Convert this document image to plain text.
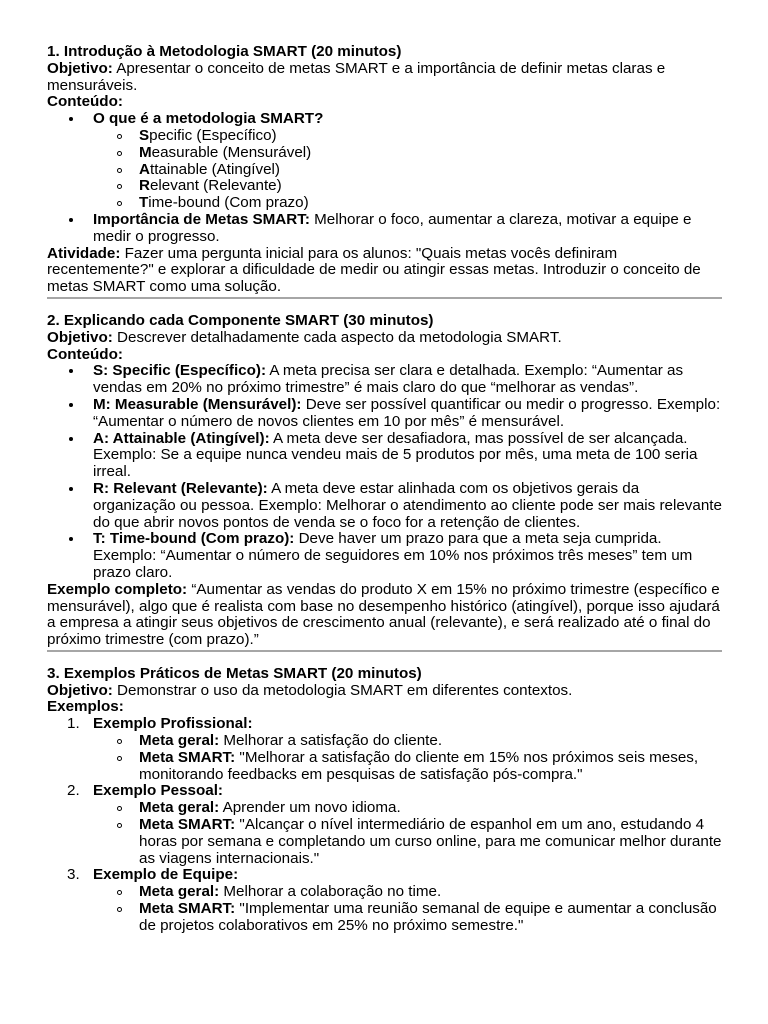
1. Introdução à Metodologia SMART (20 minutos)

Objetivo: Apresentar o conceito de metas SMART e a importância de definir metas claras e mensuráveis.

Conteúdo:

O que é a metodologia SMART?
Specific (Específico)
Measurable (Mensurável)
Attainable (Atingível)
Relevant (Relevante)
Time-bound (Com prazo)
Importância de Metas SMART: Melhorar o foco, aumentar a clareza, motivar a equipe e medir o progresso.

Atividade: Fazer uma pergunta inicial para os alunos: "Quais metas vocês definiram recentemente?" e explorar a dificuldade de medir ou atingir essas metas. Introduzir o conceito de metas SMART como uma solução.

2. Explicando cada Componente SMART (30 minutos)

Objetivo: Descrever detalhadamente cada aspecto da metodologia SMART.

Conteúdo:

S: Specific (Específico): A meta precisa ser clara e detalhada. Exemplo: “Aumentar as vendas em 20% no próximo trimestre” é mais claro do que “melhorar as vendas”.
M: Measurable (Mensurável): Deve ser possível quantificar ou medir o progresso. Exemplo: “Aumentar o número de novos clientes em 10 por mês” é mensurável.
A: Attainable (Atingível): A meta deve ser desafiadora, mas possível de ser alcançada. Exemplo: Se a equipe nunca vendeu mais de 5 produtos por mês, uma meta de 100 seria irreal.
R: Relevant (Relevante): A meta deve estar alinhada com os objetivos gerais da organização ou pessoa. Exemplo: Melhorar o atendimento ao cliente pode ser mais relevante do que abrir novos pontos de venda se o foco for a retenção de clientes.
T: Time-bound (Com prazo): Deve haver um prazo para que a meta seja cumprida. Exemplo: “Aumentar o número de seguidores em 10% nos próximos três meses” tem um prazo claro.

Exemplo completo: “Aumentar as vendas do produto X em 15% no próximo trimestre (específico e mensurável), algo que é realista com base no desempenho histórico (atingível), porque isso ajudará a empresa a atingir seus objetivos de crescimento anual (relevante), e será realizado até o final do próximo trimestre (com prazo).”

3. Exemplos Práticos de Metas SMART (20 minutos)

Objetivo: Demonstrar o uso da metodologia SMART em diferentes contextos.

Exemplos:

1. Exemplo Profissional:
Meta geral: Melhorar a satisfação do cliente.
Meta SMART: "Melhorar a satisfação do cliente em 15% nos próximos seis meses, monitorando feedbacks em pesquisas de satisfação pós-compra."
2. Exemplo Pessoal:
Meta geral: Aprender um novo idioma.
Meta SMART: "Alcançar o nível intermediário de espanhol em um ano, estudando 4 horas por semana e completando um curso online, para me comunicar melhor durante as viagens internacionais."
3. Exemplo de Equipe:
Meta geral: Melhorar a colaboração no time.
Meta SMART: "Implementar uma reunião semanal de equipe e aumentar a conclusão de projetos colaborativos em 25% no próximo semestre."
